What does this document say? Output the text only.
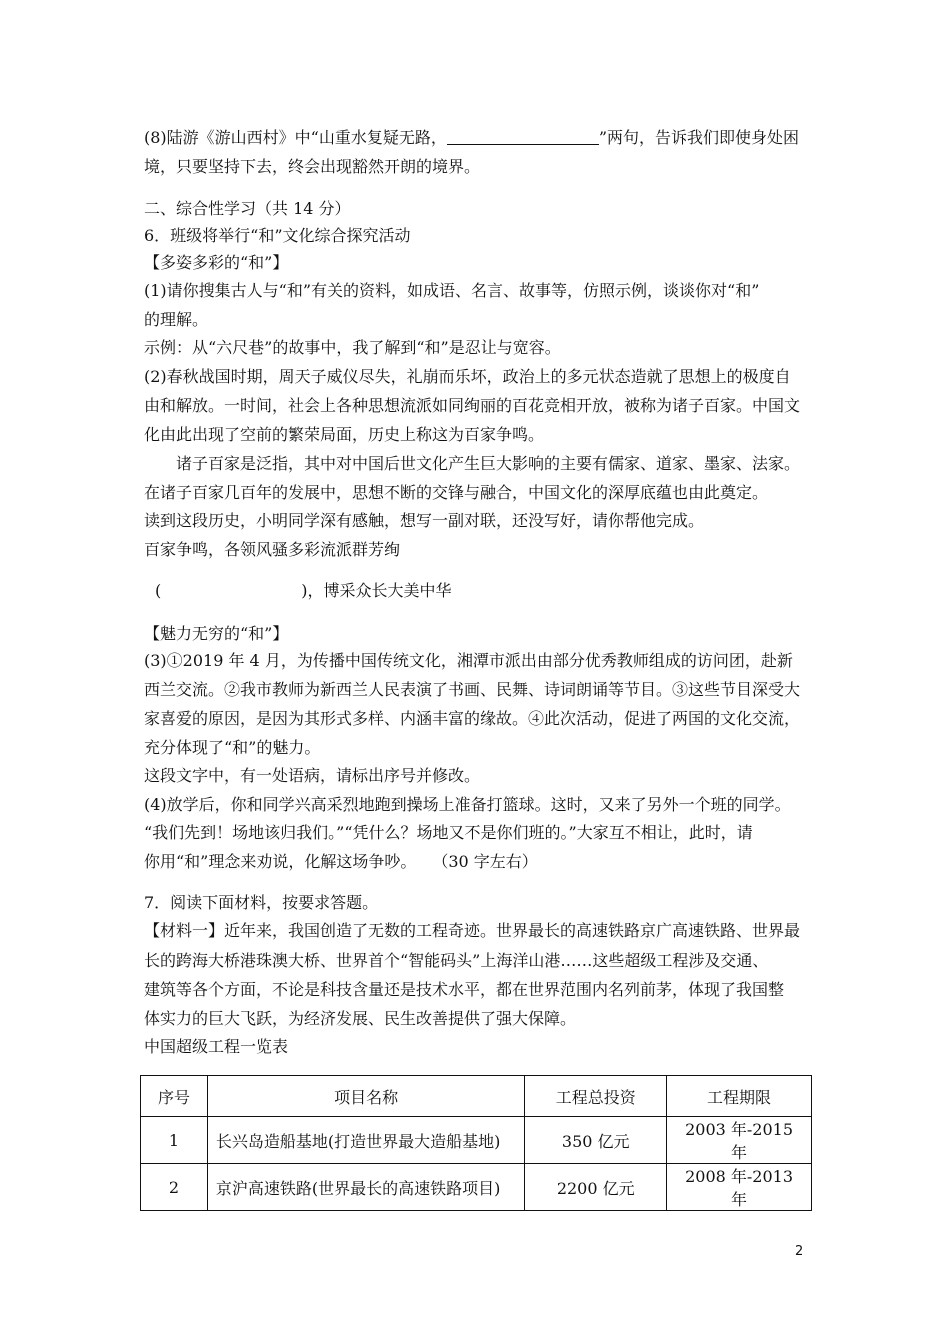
(8)陆游《游山西村》中“山重水复疑无路，	”两句，告诉我们即使身处困
境，只要坚持下去，终会出现豁然开朗的境界。
二、综合性学习（共 14 分）
6．班级将举行“和”文化综合探究活动
【多姿多彩的“和”】
(1)请你搜集古人与“和”有关的资料，如成语、名言、故事等，仿照示例，谈谈你对“和”
的理解。
示例：从“六尺巷”的故事中，我了解到“和”是忍让与宽容。
(2)春秋战国时期，周天子威仪尽失，礼崩而乐坏，政治上的多元状态造就了思想上的极度自
由和解放。一时间，社会上各种思想流派如同绚丽的百花竞相开放，被称为诸子百家。中国文
化由此出现了空前的繁荣局面，历史上称这为百家争鸣。
诸子百家是泛指，其中对中国后世文化产生巨大影响的主要有儒家、道家、墨家、法家。
在诸子百家几百年的发展中，思想不断的交锋与融合，中国文化的深厚底蕴也由此奠定。
读到这段历史，小明同学深有感触，想写一副对联，还没写好，请你帮他完成。
百家争鸣，各领风骚多彩流派群芳绚
(	)，博采众长大美中华
【魅力无穷的“和”】
(3)①2019 年 4 月，为传播中国传统文化，湘潭市派出由部分优秀教师组成的访问团，赴新
西兰交流。②我市教师为新西兰人民表演了书画、民舞、诗词朗诵等节目。③这些节目深受大
家喜爱的原因，是因为其形式多样、内涵丰富的缘故。④此次活动，促进了两国的文化交流，
充分体现了“和”的魅力。
这段文字中，有一处语病，请标出序号并修改。
(4)放学后，你和同学兴高采烈地跑到操场上准备打篮球。这时，又来了另外一个班的同学。
“我们先到！场地该归我们。”“凭什么？场地又不是你们班的。”大家互不相让，此时，请
你用“和”理念来劝说，化解这场争吵。　　（30 字左右）
7．阅读下面材料，按要求答题。
【材料一】近年来，我国创造了无数的工程奇迹。世界最长的高速铁路京广高速铁路、世界最
长的跨海大桥港珠澳大桥、世界首个“智能码头”上海洋山港……这些超级工程涉及交通、
建筑等各个方面，不论是科技含量还是技术水平，都在世界范围内名列前茅，体现了我国整
体实力的巨大飞跃，为经济发展、民生改善提供了强大保障。
中国超级工程一览表
序号	项目名称	工程总投资	工程期限
1	长兴岛造船基地(打造世界最大造船基地)	350 亿元	2003 年-2015 年
2	京沪高速铁路(世界最长的高速铁路项目)	2200 亿元	2008 年-2013 年
2
